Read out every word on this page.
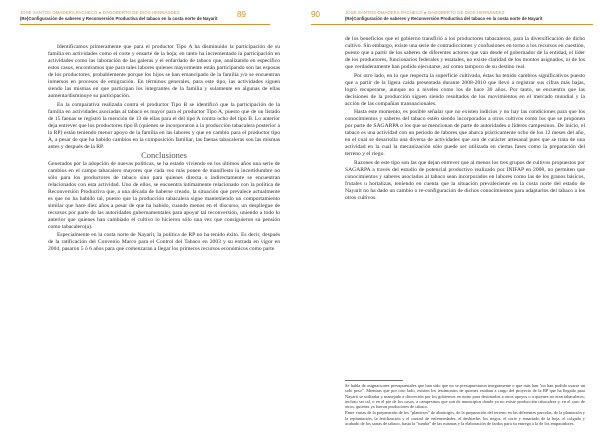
JOSÉ SANTOS OMADERA PACHECO ● DAGOBERTO DE DIOS HERNÁNDEZ
(Re)Configuración de saberes y Reconversión Productiva del tabaco en la costa norte de Nayarit 89

Identificamos primeramente que para el productor Tipo A ha disminuido la participación de su familia en actividades como el corte y ensarte de la hoja; en tanto ha incrementado la participación en actividades como las laboración de las galeras y el enfardado de tabaco que, analizando en específico estos casos, encontramos que para tales labores quienes mayormente están participando son las esposas de los productores, probablemente porque los hijos se han emancipado de la familia y/o se encuentran inmersos en procesos de emigración. En términos generales, para este tipo, las actividades siguen siendo las mismas en que participan los integrantes de la familia y solamente en algunas de ellas aumenta/disminuye su participación.

En la comparativa realizada contra el productor Tipo B se identificó que la participación de la familia en actividades asociadas al tabaco es mayor para el productor Tipo A, puesto que de un listado de 15 faenas se registró la mención de 13 de ellas para el del tipo A contra ocho del tipo B. Lo anterior deja entrever que los productores tipo B (quienes se incorporaron a la producción tabacalera posterior a la RP) están teniendo menor apoyo de la familia en las labores y que en cambio para el productor tipo A, a pesar de que ha habido cambios en la composición familiar, las faenas tabacaleras son las mismas antes y después de la RP.

Conclusiones

Generados por la adopción de nuevas políticas, se ha estado viviendo en los últimos años una serie de cambios en el campo tabacalero mayores que cada vez más ponen de manifiesto la incertidumbre no sólo para los productores de tabaco sino para quienes directa o indirectamente se encuentran relacionados con esta actividad. Uno de ellos, se encuentra íntimamente relacionado con la política de Reconversión Productiva que, a una década de haberse creado, la situación que prevalece actualmente es que no ha habido tal, puesto que la producción tabacalera sigue manteniendo un comportamiento similar que hace diez años a pesar de que ha habido, cuando menos en el discurso, un despliegue de recursos por parte de las autoridades gubernamentales para apoyar tal reconversión, uniendo a todo lo anterior que quienes han cambiado el cultivo lo hicieron sólo una vez que consiguieron su pensión como tabacalero(a).

Especialmente en la costa norte de Nayarit, la política de RP no ha tenido éxito. Es decir, después de la ratificación del Convenio Marco para el Control del Tabaco en 2003 y su entrada en vigor en 2004, pasaron 5 ó 6 años para que comenzaran a llegar los primeros recursos económicos como parte

JOSÉ SANTOS OMADERA PACHECO ● DAGOBERTO DE DIOS HERNÁNDEZ
(Re)Configuración de saberes y Reconversión Productiva del tabaco en la costa norte de Nayarit
90

de los beneficios que el gobierno transfirió a los productores tabacaleros, para la diversificación de dicho cultivo. Sin embargo, existe una serie de contradicciones y confusiones en torno a los recursos en cuestión, puesto que a partir de los saberes de diferentes actores que van desde el gobernador de la entidad, el líder de los productores, funcionarios federales y estatales, no existe claridad de los montos asignados, ni de los que verdaderamente han podido ejecutarse, así como tampoco de su destino real.

Por otro lado, en lo que respecta la superficie cultivada, éstas ha tenido cambios significativos puesto que a partir de la ligera caída presentada durante 2008-2010 que llevó a registrar sus cifras más bajas, logró recuperarse, aunque no a niveles como los de hace 30 años. Por tanto, se encuentra que las decisiones de la producción siguen siendo resultados de los movimientos en el mercado mundial y la acción de las compañías transnacionales.

Hasta este momento, es posible señalar que no existen indicios y no hay las condiciones para que los conocimientos y saberes del tabaco estén siendo incorporados a otros cultivos como los que se proponen por parte de SAGARPA o los que se mencionan de parte de autoridades o líderes campesinos. De inicio, el tabaco es una actividad con un periodo de labores que abarca prácticamente ocho de los 12 meses del año, en el cual se desarrolla una diversa de actividades que son de carácter artesanal pues que se trata de una actividad en la cual la mecanización sólo puede ser utilizada en ciertas fases como la preparación del terreno y el riego.

Razones de este tipo son las que dejan entrever que al menos los tres grupos de cultivos propuestos por SAGARPA a través del estudio de potencial productivo realizado por INIFAP en 2008, no permiten que conocimientos y saberes asociados al tabaco sean incorporados en labores como las de los granos básicos, frutales u hortalizas, teniendo en cuenta que la situación prevaleciente en la costa norte del estado de Nayarit no ha dado un cambio o re-configuración de dichos conocimientos para adaptarlos del tabaco a los otros cultivos.

Se habla de asignaciones presupuestales que han sido que no se presupuestaron integramente o que más han "no han podido usarse un solo peso". Mientras que por otro lado, existen los testimonios de quienes estaban a cargo del proyecto de la RP que ha llegado para Nayarit se utilizaba y manejado a discreción por los gobiernos en turno para destinarlos a otros apoyos o a quienes no eran tabacaleros; incluso ser tal, o en el pie de los casos, a campesinos que son de municipios donde ya no existe producción tabacalera y, en el caso de otros, quienes ya fueron productores de tabaco.

Entre varias de la preparación de los "planteros" de almácigos, de la preparación del terreno en las diferentes parcelas, de la plantación y la replantación, la fertilización y el control de enfermedades, el deshierbe, los riegos, el corte y ensartado de la hoja, el colgado y acabado de los sartas de tabaco, hasta la "tumba" de las mismas y la elaboración de fardos para su entrega a la de los empacadores.
